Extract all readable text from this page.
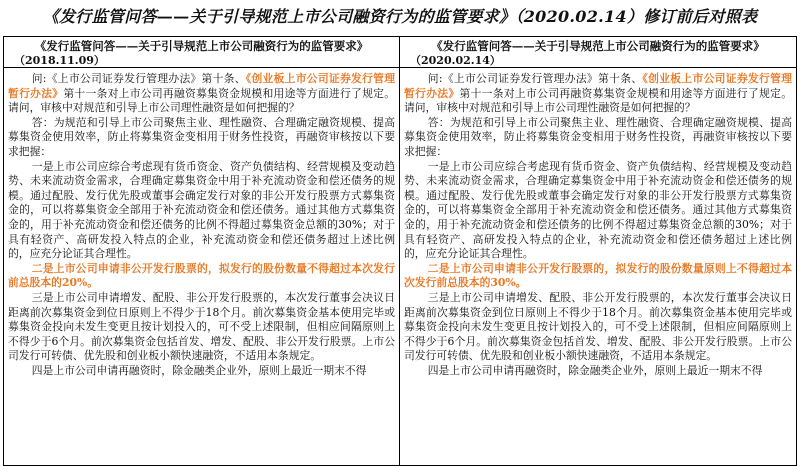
《发行监管问答——关于引导规范上市公司融资行为的监管要求》（2020.02.14）修订前后对照表
《发行监管问答——关于引导规范上市公司融资行为的监管要求》
（2018.11.09）

问:《上市公司证券发行管理办法》第十条、《创业板上市公司证券发行管理暂行办法》第十一条对上市公司再融资募集资金规模和用途等方面进行了规定。请问，审核中对规范和引导上市公司理性融资是如何把握的？

答：为规范和引导上市公司聚焦主业、理性融资、合理确定融资规模、提高募集资金使用效率，防止将募集资金变相用于财务性投资，再融资审核按以下要求把握：

一是上市公司应综合考虑现有货币资金、资产负债结构、经营规模及变动趋势、未来流动资金需求，合理确定募集资金中用于补充流动资金和偿还债务的规模。通过配股、发行优先股或董事会确定发行对象的非公开发行股票方式募集资金的，可以将募集资金全部用于补充流动资金和偿还债务。通过其他方式募集资金的，用于补充流动资金和偿还债务的比例不得超过募集资金总额的30%；对于具有轻资产、高研发投入特点的企业，补充流动资金和偿还债务超过上述比例的，应充分论证其合理性。

二是上市公司申请非公开发行股票的，拟发行的股份数量不得超过本次发行前总股本的20%。

三是上市公司申请增发、配股、非公开发行股票的，本次发行董事会决议日距离前次募集资金到位日原则上不得少于18个月。前次募集资金基本使用完毕或募集资金投向未发生变更且按计划投入的，可不受上述限制，但相应间隔原则上不得少于6个月。前次募集资金包括首发、增发、配股、非公开发行股票。上市公司发行可转债、优先股和创业板小额快速融资，不适用本条规定。

四是上市公司申请再融资时，除金融类企业外，原则上最近一期末不得

《发行监管问答——关于引导规范上市公司融资行为的监管要求》
（2020.02.14）

问:《上市公司证券发行管理办法》第十条、《创业板上市公司证券发行管理暂行办法》第十一条对上市公司再融资募集资金规模和用途等方面进行了规定。请问，审核中对规范和引导上市公司理性融资是如何把握的？

答：为规范和引导上市公司聚焦主业、理性融资、合理确定融资规模、提高募集资金使用效率，防止将募集资金变相用于财务性投资，再融资审核按以下要求把握：

一是上市公司应综合考虑现有货币资金、资产负债结构、经营规模及变动趋势、未来流动资金需求，合理确定募集资金中用于补充流动资金和偿还债务的规模。通过配股、发行优先股或董事会确定发行对象的非公开发行股票方式募集资金的，可以将募集资金全部用于补充流动资金和偿还债务。通过其他方式募集资金的，用于补充流动资金和偿还债务的比例不得超过募集资金总额的30%；对于具有轻资产、高研发投入特点的企业，补充流动资金和偿还债务超过上述比例的，应充分论证其合理性。

二是上市公司申请非公开发行股票的，拟发行的股份数量原则上不得超过本次发行前总股本的30%。

三是上市公司申请增发、配股、非公开发行股票的，本次发行董事会决议日距离前次募集资金到位日原则上不得少于18个月。前次募集资金基本使用完毕或募集资金投向未发生变更且按计划投入的，可不受上述限制，但相应间隔原则上不得少于6个月。前次募集资金包括首发、增发、配股、非公开发行股票。上市公司发行可转债、优先股和创业板小额快速融资，不适用本条规定。

四是上市公司申请再融资时，除金融类企业外，原则上最近一期末不得
